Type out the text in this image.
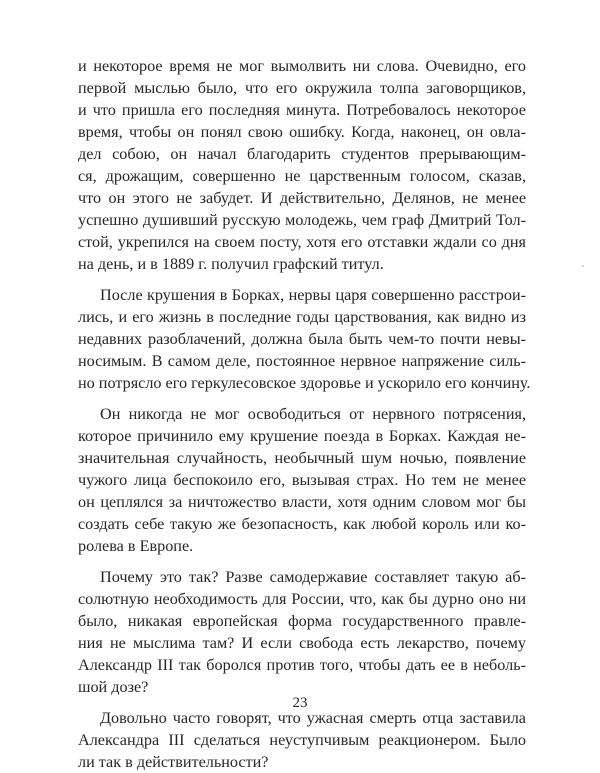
и некоторое время не мог вымолвить ни слова. Очевидно, его
первой мыслью было, что его окружила толпа заговорщиков,
и что пришла его последняя минута. Потребовалось некоторое
время, чтобы он понял свою ошибку. Когда, наконец, он овла-
дел собою, он начал благодарить студентов прерывающим-
ся, дрожащим, совершенно не царственным голосом, сказав,
что он этого не забудет. И действительно, Делянов, не менее
успешно душивший русскую молодежь, чем граф Дмитрий Тол-
стой, укрепился на своем посту, хотя его отставки ждали со дня
на день, и в 1889 г. получил графский титул.
После крушения в Борках, нервы царя совершенно расстрои-
лись, и его жизнь в последние годы царствования, как видно из
недавних разоблачений, должна была быть чем-то почти невы-
носимым. В самом деле, постоянное нервное напряжение силь-
но потрясло его геркулесовское здоровье и ускорило его кончину.
Он никогда не мог освободиться от нервного потрясения,
которое причинило ему крушение поезда в Борках. Каждая не-
значительная случайность, необычный шум ночью, появление
чужого лица беспокоило его, вызывая страх. Но тем не менее
он цеплялся за ничтожество власти, хотя одним словом мог бы
создать себе такую же безопасность, как любой король или ко-
ролева в Европе.
Почему это так? Разве самодержавие составляет такую аб-
солютную необходимость для России, что, как бы дурно оно ни
было, никакая европейская форма государственного правле-
ния не мыслима там? И если свобода есть лекарство, почему
Александр III так боролся против того, чтобы дать ее в неболь-
шой дозе?
Довольно часто говорят, что ужасная смерть отца заставила
Александра III сделаться неуступчивым реакционером. Было
ли так в действительности?
23
